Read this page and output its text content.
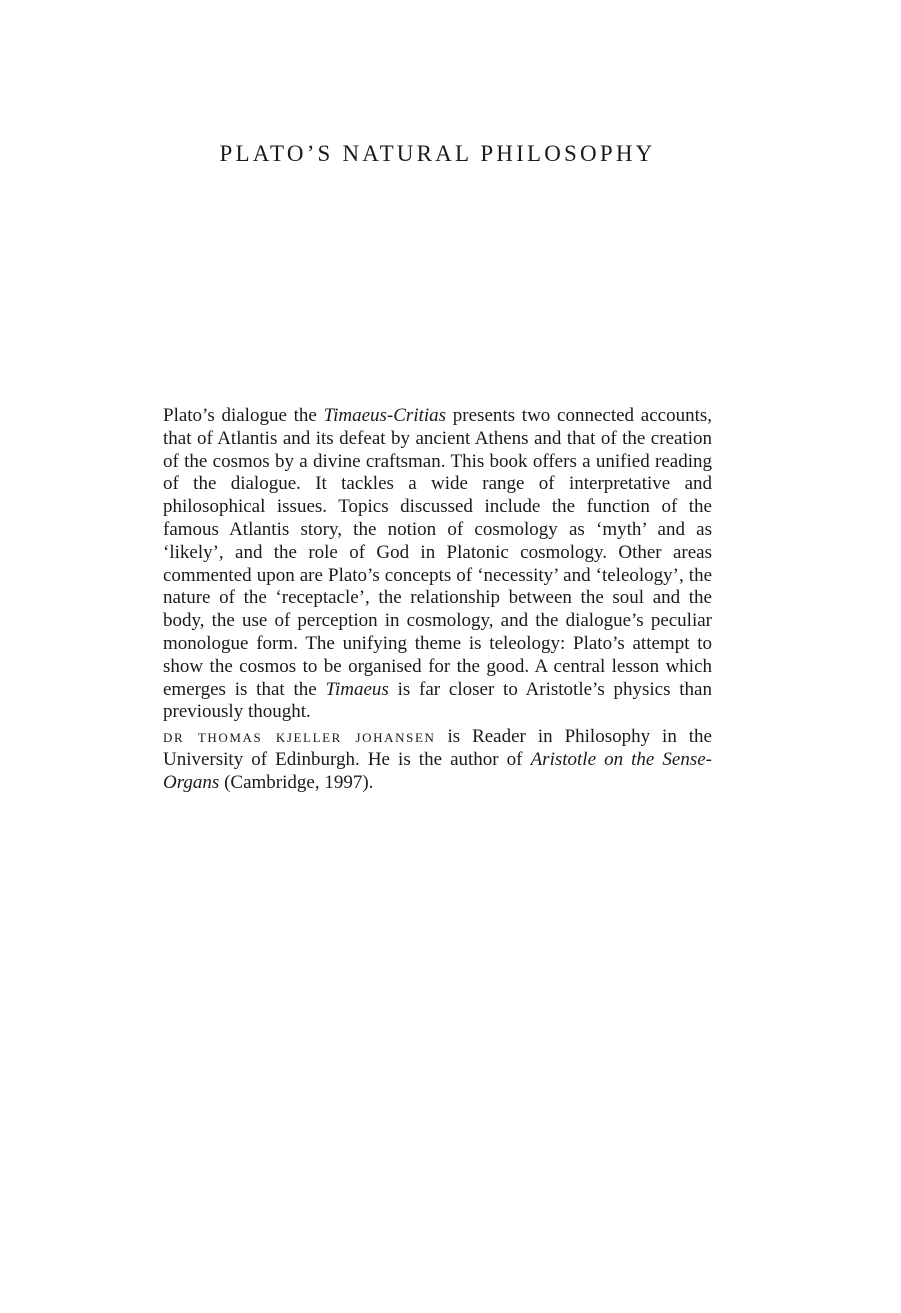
PLATO’S NATURAL PHILOSOPHY

Plato’s dialogue the Timaeus-Critias presents two connected accounts, that of Atlantis and its defeat by ancient Athens and that of the creation of the cosmos by a divine craftsman. This book offers a unified reading of the dialogue. It tackles a wide range of interpretative and philosophical issues. Topics discussed include the function of the famous Atlantis story, the notion of cosmology as ‘myth’ and as ‘likely’, and the role of God in Platonic cosmology. Other areas commented upon are Plato’s concepts of ‘necessity’ and ‘teleology’, the nature of the ‘receptacle’, the relationship between the soul and the body, the use of perception in cosmology, and the dialogue’s peculiar monologue form. The unifying theme is teleology: Plato’s attempt to show the cosmos to be organised for the good. A central lesson which emerges is that the Timaeus is far closer to Aristotle’s physics than previously thought.

dr thomas kjeller johansen is Reader in Philosophy in the University of Edinburgh. He is the author of Aristotle on the Sense-Organs (Cambridge, 1997).
